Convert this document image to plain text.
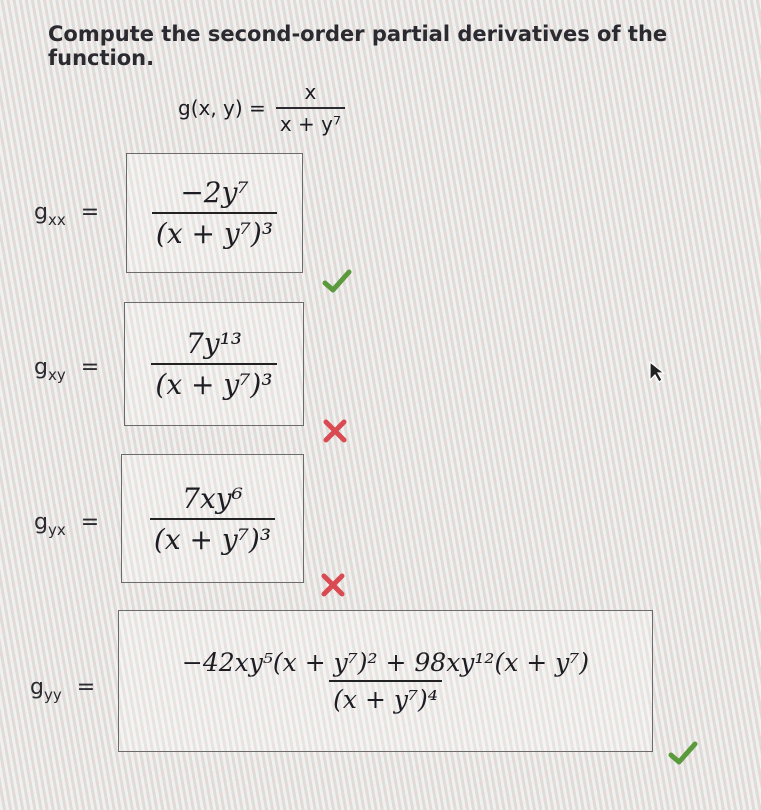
Compute the second-order partial derivatives of the function.
g(x, $y) = \frac{x}{\text{x + y⁷}}$
$g_{xx} = \frac{\text{−2y⁷}}{\text{(x + y⁷)³}}$
$g_{xy} = \frac{\text{7y¹³}}{\text{(x + y⁷)³}}$
$g_{yx} = \frac{\text{7xy⁶}}{\text{(x + y⁷)³}}$
$g_{yy}$ =	$\frac{\text{−42xy⁵(x + y⁷)² + 98xy¹²(x + y⁷)}}{\text{(x + y⁷)⁴}}$
